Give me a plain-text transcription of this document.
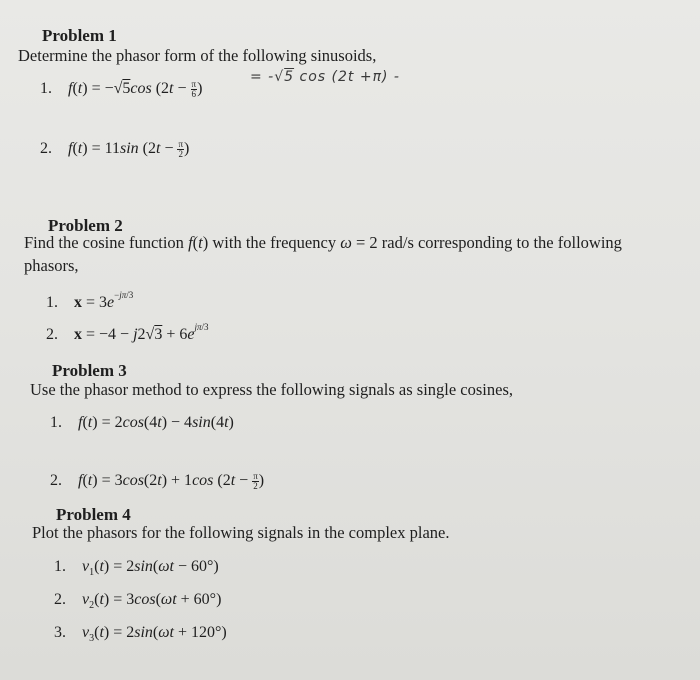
Problem 1
Determine the phasor form of the following sinusoids,
1. f(t) = −√5cos ($2t - \frac{\pi}{6}$ )
= -√5 cos (2t +π) -
2. f(t) = 11sin ($2t - \frac{\pi}{2}$ )
Problem 2
Find the cosine function f(t) with the frequency ω = 2 rad/s corresponding to the following
phasors,
1. $x = 3e^{-j\pi/3}$
2. $x = -4 - j2√3 + 6e^{j\pi/3}$
Problem 3
Use the phasor method to express the following signals as single cosines,
1. f(t) = 2cos(4t) − 4sin(4t)
2. f(t) = 3cos(2t) + 1cos ($2t - \frac{\pi}{2}$ )
Problem 4
Plot the phasors for the following signals in the complex plane.
1. $v_1(t) = 2\sin(\omega t - 60^\circ)$
2. $v_2(t) = 3\cos(\omega t + 60^\circ)$
3. $v_3(t) = 2\sin(\omega t + 120^\circ)$
